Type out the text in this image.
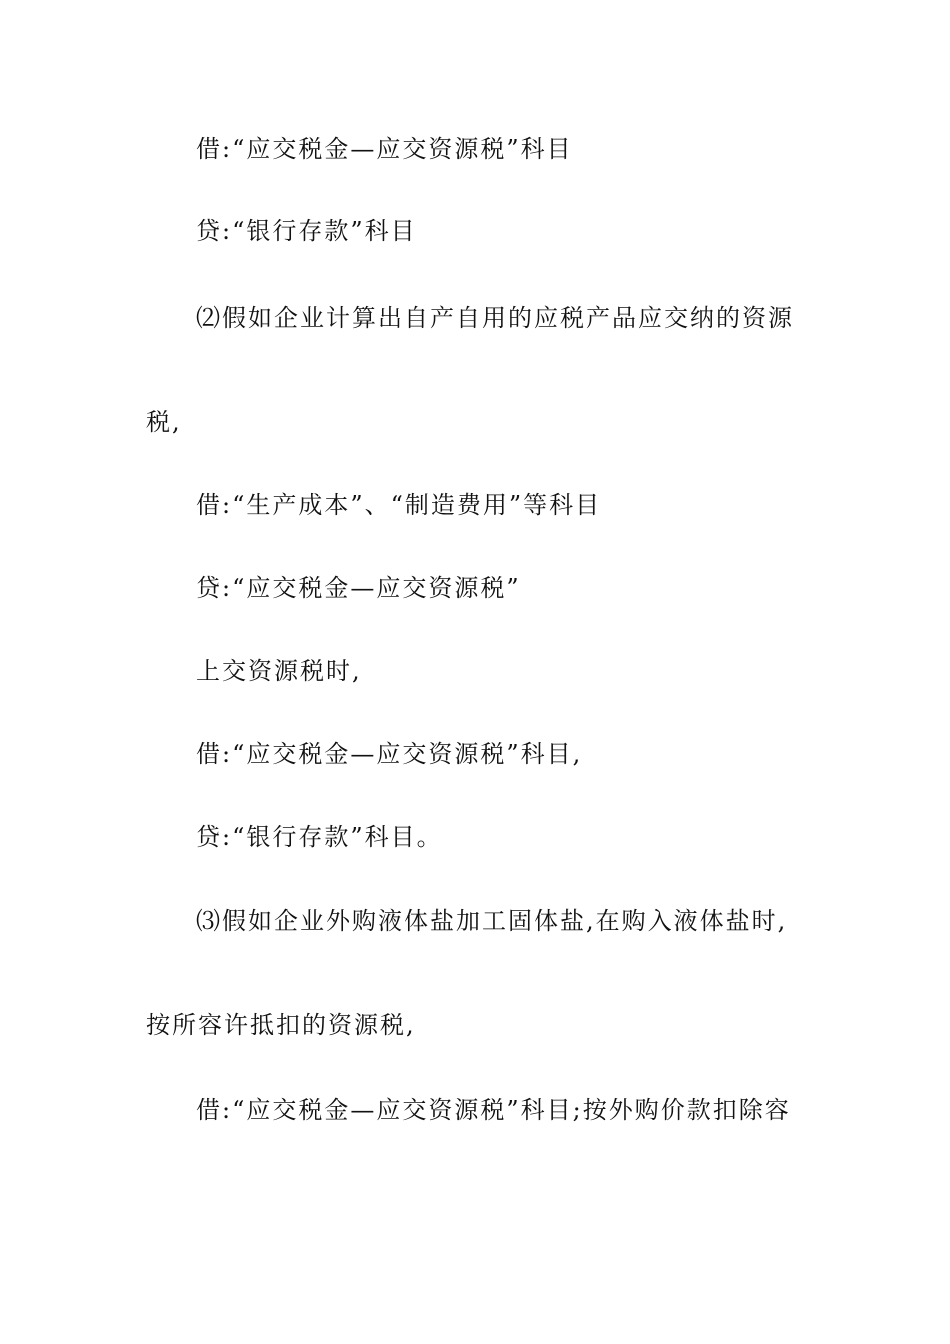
借:“应交税金—应交资源税”科目
贷:“银行存款”科目
⑵假如企业计算出自产自用的应税产品应交纳的资源
税,
借:“生产成本”、“制造费用”等科目
贷:“应交税金—应交资源税”
上交资源税时,
借:“应交税金—应交资源税”科目,
贷:“银行存款”科目。
⑶假如企业外购液体盐加工固体盐,在购入液体盐时,
按所容许抵扣的资源税,
借:“应交税金—应交资源税”科目;按外购价款扣除容
